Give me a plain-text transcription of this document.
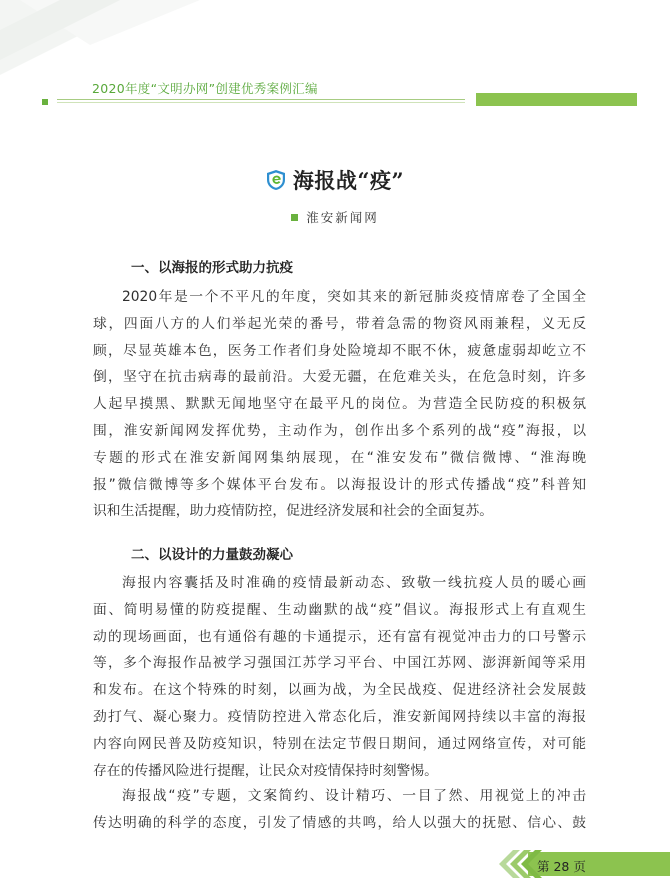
2020年度“文明办网”创建优秀案例汇编
海报战“疫”
淮安新闻网
一、以海报的形式助力抗疫
2020年是一个不平凡的年度，突如其来的新冠肺炎疫情席卷了全国全
球，四面八方的人们举起光荣的番号，带着急需的物资风雨兼程，义无反
顾，尽显英雄本色，医务工作者们身处险境却不眠不休，疲惫虚弱却屹立不
倒，坚守在抗击病毒的最前沿。大爱无疆，在危难关头，在危急时刻，许多
人起早摸黑、默默无闻地坚守在最平凡的岗位。为营造全民防疫的积极氛
围，淮安新闻网发挥优势，主动作为，创作出多个系列的战“疫”海报，以
专题的形式在淮安新闻网集纳展现，在“淮安发布”微信微博、“淮海晚
报”微信微博等多个媒体平台发布。以海报设计的形式传播战“疫”科普知
识和生活提醒，助力疫情防控，促进经济发展和社会的全面复苏。
二、以设计的力量鼓劲凝心
海报内容囊括及时准确的疫情最新动态、致敬一线抗疫人员的暖心画
面、简明易懂的防疫提醒、生动幽默的战“疫”倡议。海报形式上有直观生
动的现场画面，也有通俗有趣的卡通提示，还有富有视觉冲击力的口号警示
等，多个海报作品被学习强国江苏学习平台、中国江苏网、澎湃新闻等采用
和发布。在这个特殊的时刻，以画为战，为全民战疫、促进经济社会发展鼓
劲打气、凝心聚力。疫情防控进入常态化后，淮安新闻网持续以丰富的海报
内容向网民普及防疫知识，特别在法定节假日期间，通过网络宣传，对可能
存在的传播风险进行提醒，让民众对疫情保持时刻警惕。
海报战“疫”专题，文案简约、设计精巧、一目了然、用视觉上的冲击
传达明确的科学的态度，引发了情感的共鸣，给人以强大的抚慰、信心、鼓
第 28 页
